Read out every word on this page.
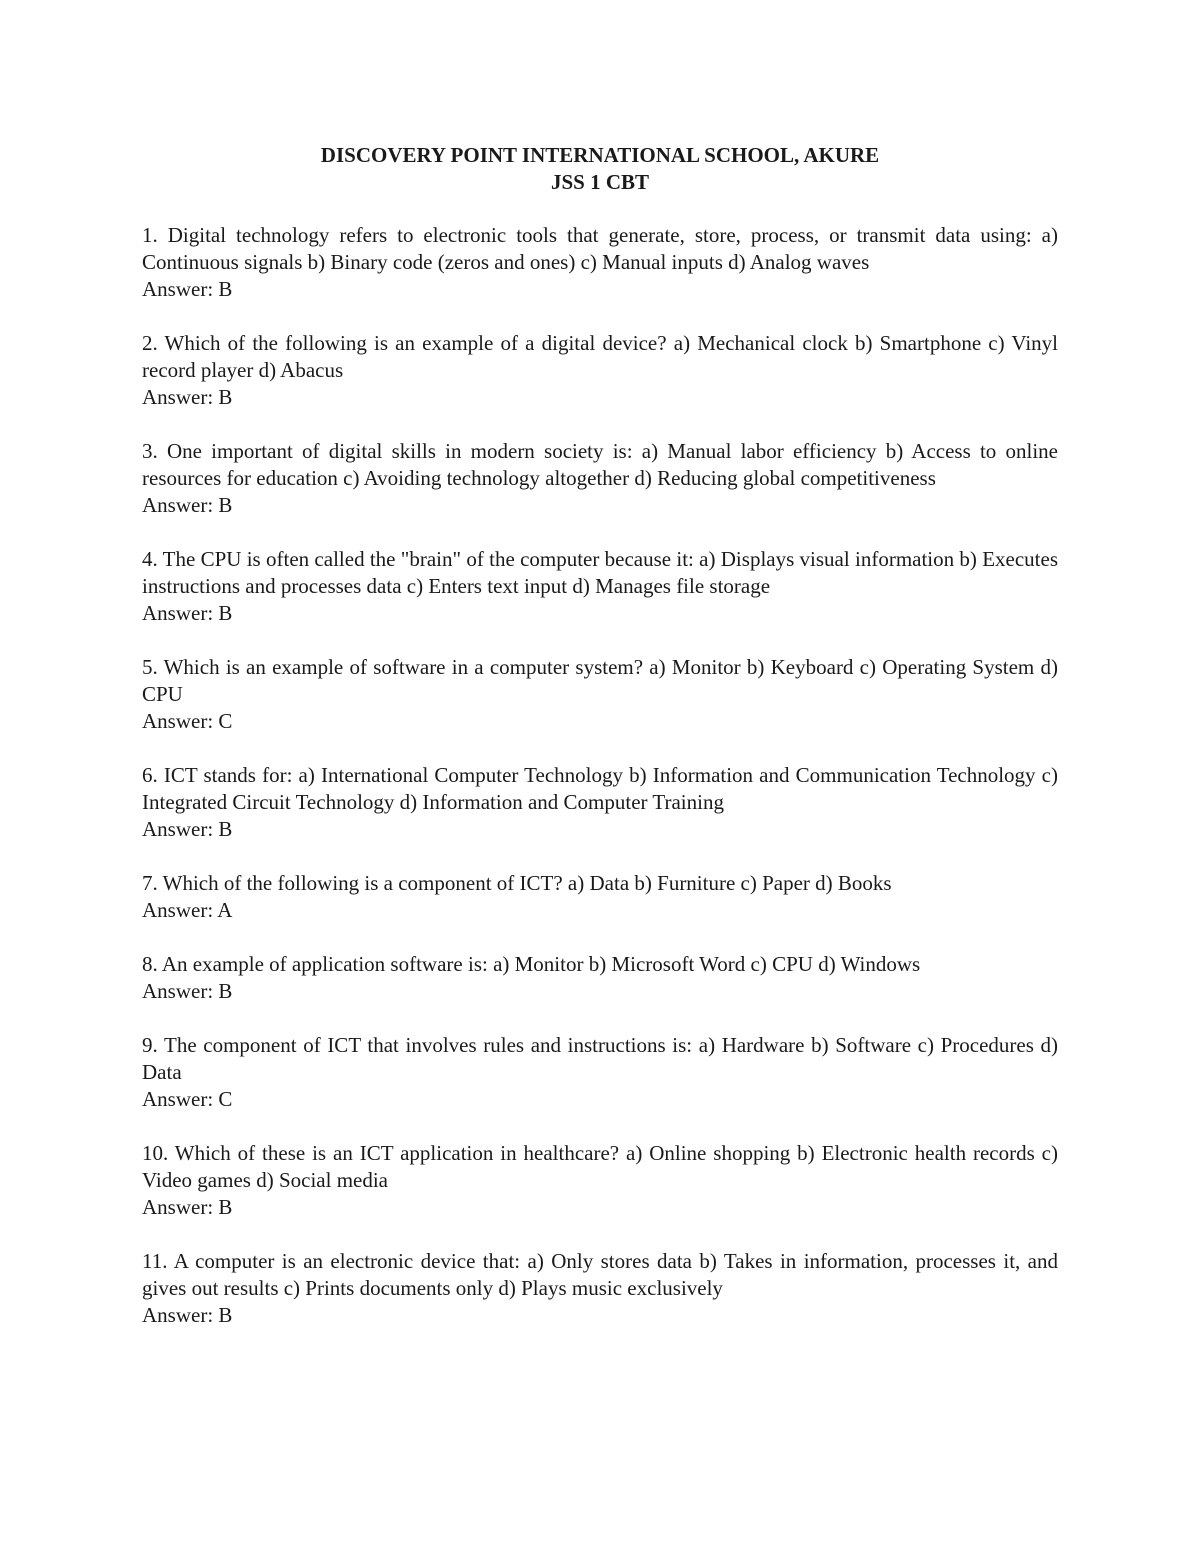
DISCOVERY POINT INTERNATIONAL SCHOOL, AKURE
JSS 1 CBT

1. Digital technology refers to electronic tools that generate, store, process, or transmit data using: a) Continuous signals b) Binary code (zeros and ones) c) Manual inputs d) Analog waves

Answer: B

2. Which of the following is an example of a digital device? a) Mechanical clock b) Smartphone c) Vinyl record player d) Abacus

Answer: B

3. One important of digital skills in modern society is: a) Manual labor efficiency b) Access to online resources for education c) Avoiding technology altogether d) Reducing global competitiveness

Answer: B

4. The CPU is often called the "brain" of the computer because it: a) Displays visual information b) Executes instructions and processes data c) Enters text input d) Manages file storage

Answer: B

5. Which is an example of software in a computer system? a) Monitor b) Keyboard c) Operating System d) CPU

Answer: C

6. ICT stands for: a) International Computer Technology b) Information and Communication Technology c) Integrated Circuit Technology d) Information and Computer Training

Answer: B

7. Which of the following is a component of ICT? a) Data b) Furniture c) Paper d) Books

Answer: A

8. An example of application software is: a) Monitor b) Microsoft Word c) CPU d) Windows

Answer: B

9. The component of ICT that involves rules and instructions is: a) Hardware b) Software c) Procedures d) Data

Answer: C

10. Which of these is an ICT application in healthcare? a) Online shopping b) Electronic health records c) Video games d) Social media

Answer: B

11. A computer is an electronic device that: a) Only stores data b) Takes in information, processes it, and gives out results c) Prints documents only d) Plays music exclusively

Answer: B
